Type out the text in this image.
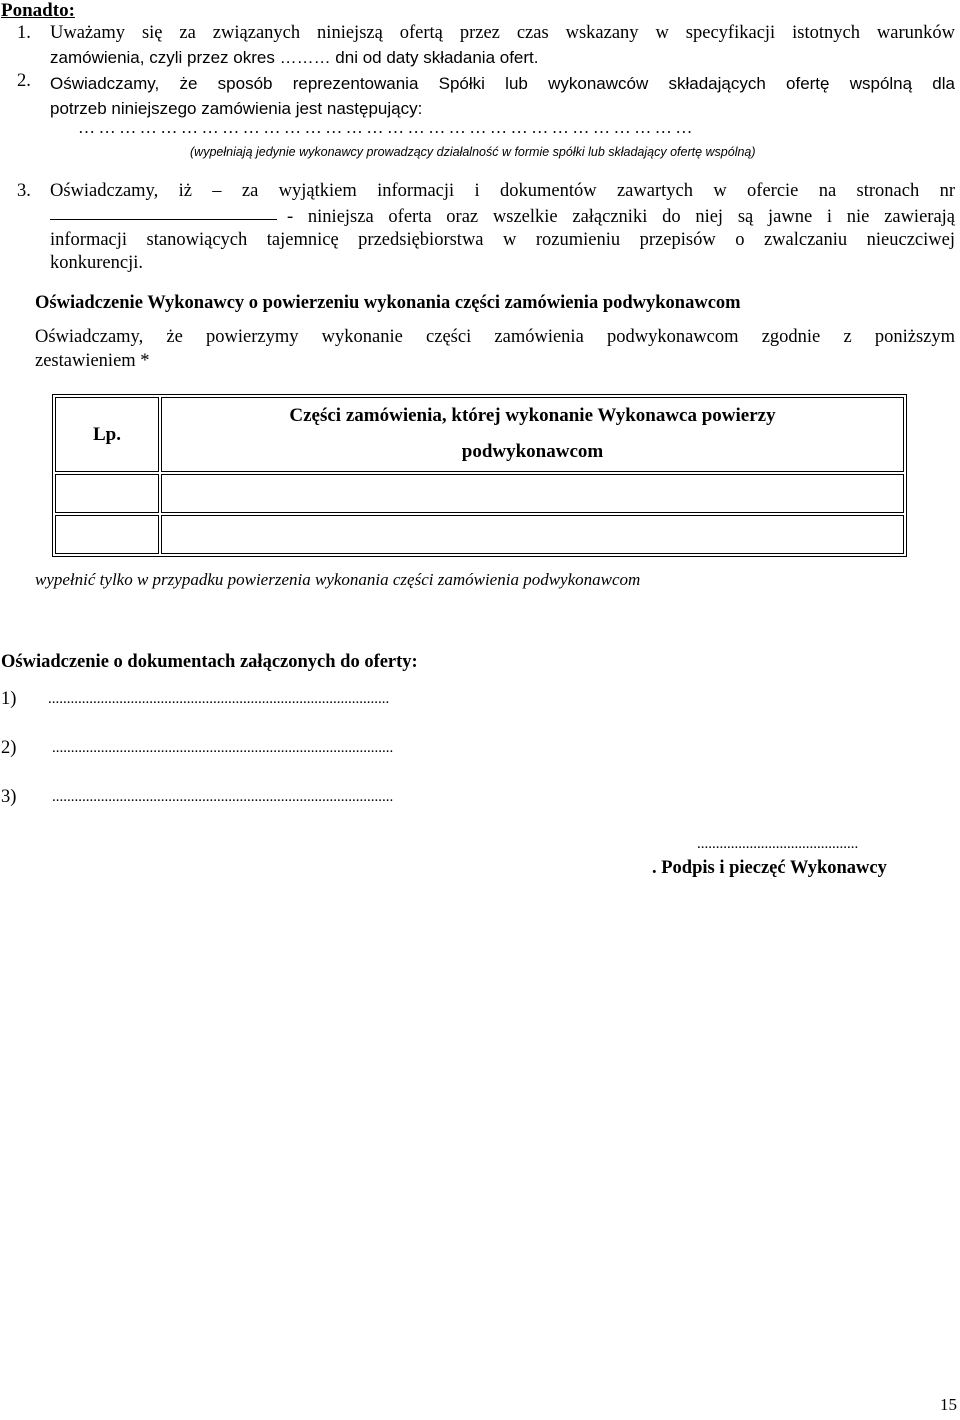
Ponadto:
1. Uważamy się za związanych niniejszą ofertą przez czas wskazany w specyfikacji istotnych warunków
zamówienia, czyli przez okres ……… dni od daty składania ofert.
2. Oświadczamy, że sposób reprezentowania Spółki lub wykonawców składających ofertę wspólną dla
potrzeb niniejszego zamówienia jest następujący:
………………………………………………………………………………
(wypełniają jedynie wykonawcy prowadzący działalność w formie spółki lub składający ofertę wspólną)
3. Oświadczamy, iż – za wyjątkiem informacji i dokumentów zawartych w ofercie na stronach nr
- niniejsza oferta oraz wszelkie załączniki do niej są jawne i nie zawierają
informacji stanowiących tajemnicę przedsiębiorstwa w rozumieniu przepisów o zwalczaniu nieuczciwej
konkurencji.
Oświadczenie Wykonawcy o powierzeniu wykonania części zamówienia podwykonawcom
Oświadczamy, że powierzymy wykonanie części zamówienia podwykonawcom zgodnie z poniższym
zestawieniem *
Lp.	Części zamówienia, której wykonanie Wykonawca powierzy
podwykonawcom

wypełnić tylko w przypadku powierzenia wykonania części zamówienia podwykonawcom
Oświadczenie o dokumentach załączonych do oferty:
1) ...........................................................................................
2) ...........................................................................................
3) ...........................................................................................
...........................................
. Podpis i pieczęć Wykonawcy
15
